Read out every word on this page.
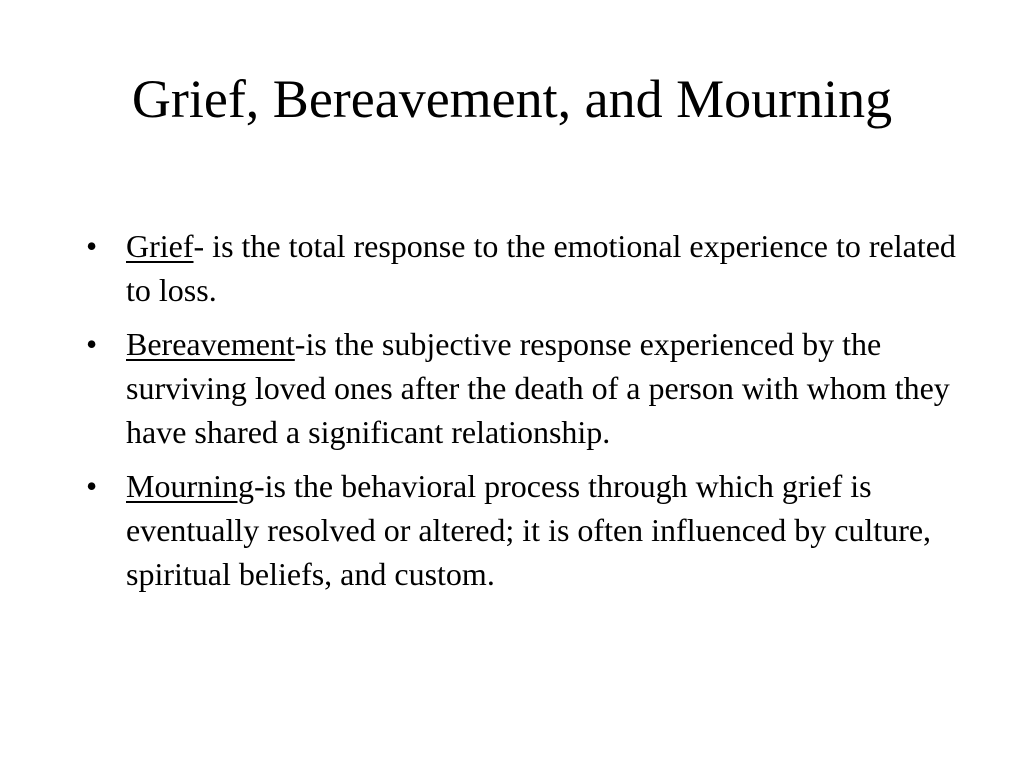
Grief, Bereavement, and Mourning
• Grief- is the total response to the emotional experience to related to loss.
• Bereavement-is the subjective response experienced by the surviving loved ones after the death of a person with whom they have shared a significant relationship.
• Mourning-is the behavioral process through which grief is eventually resolved or altered; it is often influenced by culture, spiritual beliefs, and custom.
